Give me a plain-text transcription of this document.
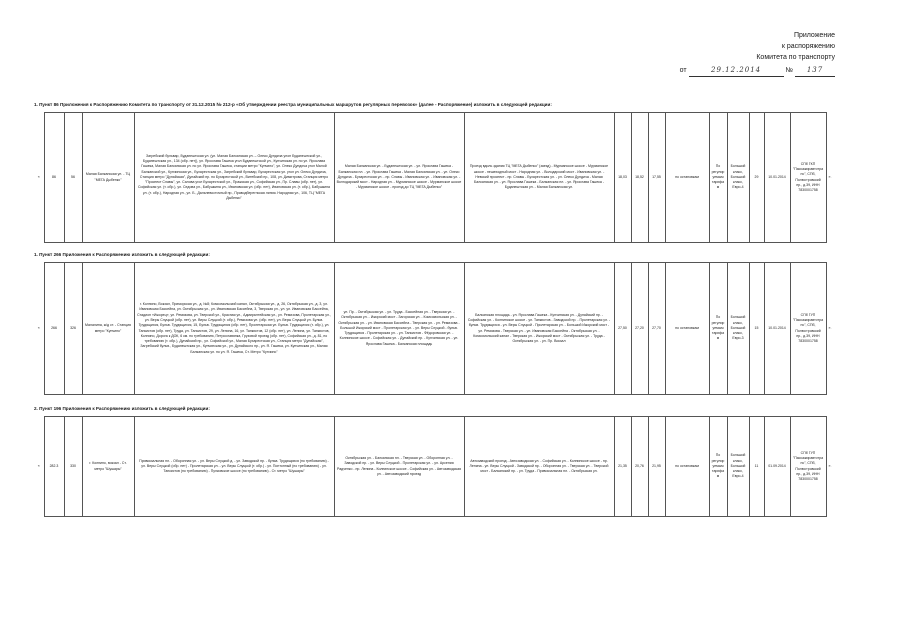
Приложение
к распоряжению
Комитета по транспорту
от	29.12.2014	№ 137
1. Пункт 86 Приложения к Распоряжению Комитета по транспорту от 31.12.2015 № 212-р «Об утверждении реестра муниципальных маршрутов регулярных перевозок» (далее - Распоряжение) изложить в следующей редакции:
«	86	56	Малая Балканская ул. - ТЦ "МЕГА Дыбенко"	Загребский бульвар, Будапештская ул. (ул. Малая Балканская ул. – Олеко Дундича улон Будапештской ул., Будапештская ул., 134 (обр. нет)), ул. Ярослава Гашека угол Будапештской ул., Купчинская ул. по ул. Ярослава Гашека, Малая Балканская ул. по ул. Ярослава Гашека, станции метро "Купчино", ул. Олеко Дундича угол Малой Балканской ул., Купчинская ул., Бухарестская ул., Загребский бульвар, Бухарестская ул. угол ул. Олеко Дундича, Станция метро "Дунайская", Дунайский пр. по Бухарестской ул., Витебский пр., 108, ул. Димитрова, Станция метро "Проспект Славы", ул. Салова угол Бухарестской ул., Пражская ул., Софийская ул., Пр. Славы (обр. нет), ул. Софийская ул. (т. обр.), ул. Седова ул., Бабушкина ул., Ивановская ул. (обр. нет), Ивановская ул. (т. обр.), Бабушкина ул. (т. обр.), Народная ул., ул. Б., Дальневосточный пр., Праводберегнская линия. Народная ул., 106, ТЦ "МЕГА Дыбенко"	Малая Балканская ул. - Будапештская ул. - ул. Ярослава Гашека - Балканская пл. - ул. Ярослава Гашека - Малая Балканская ул. - ул. Олеко Дундича - Бухарестская ул. - пр. Славы - Ивановская ул. - Ивановская ул. - Волгодарский мост - Народная ул. - Мурманское шоссе - Мурманское шоссе - Мурманское шоссе - проезд до ТЦ "МЕГА Дыбенко"	Проезд вдоль здания ТЦ "МЕГА Дыбенко" (заезд) - Мурманское шоссе - Мурманское шоссе - пешеходный мост - Народная ул. - Володарский мост - Ивановская ул. - Невский проспект - пр. Славы - Бухарестская ул. - ул. Олеко Дундича - Малая Балканская ул. - ул. Ярослава Гашека - Балканская пл. - ул. Ярослава Гашека - Будапештская ул. - Малая Балканская ул.	18,03	18,52	17,55	по остановкам	По регулируемым тарифам	Большой класс, Большой класс, Евро-4	29	10.01.2014	СПб ГКП "Пассажиравтотранс", СПб, Полюстровский пр., д.39, ИНН 7830001758	».
1. Пункт 266 Приложения к Распоряжению изложить в следующей редакции:
«	266	326	Малалина, ж/д ст. - Станция метро "Купчино"	г. Колпино, Вокзал, Приморская ул., д. №8; Комсомольский канал, Октябрьская ул., д. 26, Октябрьская ул., д. 3, ул. Ивановская Бассейна, ул. Октябрьская ул., ул. Ивановская Бассейна, 3, Тверская ул., ул. ул. Ивановская Бассейна, Стадион «Ижорец», ул. Ремизова, ул. Тверской ул., Красная ул., Адмиралтейская ул., ул. Ремизова, Пролетарская ул., ул. Веры Слуцкой (обр. нет), ул. Веры Слуцкой (т. обр.), Ремизова ул. (обр. нет), ул. Веры Слуцкой ул. Бульв. Трудящихся, Бульв. Трудящихся, 15, Бульв. Трудящихся (обр. нет), Пролетарская ул. Бульв. Трудящихся (т. обр.), ул. Танкистов (обр. нет), Труда, ул. Танкистов, 29, ул. Ленина, 16, ул. Танкистов, 12 (обр. нет), ул. Ленина, ул. Танкистов, Колпино, Дорога к ДОК, 6 км. по требованию, Петрославянка, Грузовой проезд (обр. нет), Софийская ул., д. 81, по требованию (т. обр.), Дунайский пр., ул. Софийской ул., Малая Бухарестская ул., Станция метро "Дунайская", Загребский бульв., Будапештская ул., Купчинская ул., ул. Дунайского пр., ул. Я. Гашека, ул. Купчинская ул., Малая Балканская ул. по ул. Я. Гашека, Ст. Метро "Купчино"	ул. Пр. - Октябрьская ул. - ул. Труда - Бассейная ул. - Тверская ул. - Октябрьская ул. - Ижорский мост - Загорская ул. - Комсомольская ул. - Октябрьская ул. - ул. Ивановская Бассейна - Тверская ул. - ул. Ремизова - Большой Ижорский мост - Пролетарская ул. - ул. Веры Слуцкой - бульв. Трудящихся - Пролетарская ул. - ул. Танкистов - Фёдоровская ул. - Колпинское шоссе - Софийская ул. - Дунайский пр. - Купчинская ул. - ул. Ярослава Гашека - Балканская площадь	Балканская площадь - ул. Ярослава Гашека - Купчинская ул. - Дунайский пр. - Софийская ул. - Колпинское шоссе - ул. Танкистов - Заводской пр. - Пролетарская ул. - бульв. Трудящихся - ул. Веры Слуцкой - Пролетарская ул. - Большой Ижорский мост - ул. Ремизова - Тверская ул. - ул. Ивановская Бассейна - Октябрьская ул. - Комсомольский канал - Тверская ул. - Ижорский мост - Октябрьская ул. - Труда - Октябрьская ул. - ул. Пр. Вокзал	27,50	27,20	27,70	по остановкам	По регулируемым тарифам	Большой класс, Большой класс, Евро-3	15	10.01.2014	СПб ГУП "Пассажиравтотранс", СПб, Полюстровский пр., д.39, ИНН 7830001758	».
2. Пункт 196 Приложения к Распоряжению изложить в следующей редакции:
«	282.3	330	г. Колпино, вокзал - Ст. метро "Шушары"	Привокзальная пл. - Оборонная ул. - ул. Веры Слуцкой д. - ул. Заводской пр. - бульв. Трудящихся (по требованию) - ул. Веры Слуцкой (обр. нет) - Пролетарская ул. - ул. Веры Слуцкой (т. обр.) - ул. Понтонный (по требованию) - ул. Танкистов (по требованию) - Пулковское шоссе (по требованию) - Ст. метро "Шушары"	Октябрьская ул. - Балканская пл. - Тверская ул. - Оборонная ул. - Заводской пр. - ул. Веры Слуцкой - Пролетарская ул. - ул. Арсения Радченко - пр. Ленина - Колпинское шоссе - Софийская ул. - Автозаводская ул. - Автозаводский проезд	Автозаводский проезд - Автозаводская ул. - Софийская ул. - Колпинское шоссе - пр. Ленина - ул. Веры Слуцкой - Заводской пр. - Оборонная ул. - Тверская ул. - Тверской мост - Балканский пр. - ул. Труда - Привокзальная пл. - Октябрьская ул.	21,35	20,76	21,95	по остановкам	По регулируемым тарифам	Большой класс, Большой класс, Евро-4	11	01.09.2014	СПб ГУП "Пассажиравтотранс", СПб, Полюстровский пр., д.39, ИНН 7830001758	».
